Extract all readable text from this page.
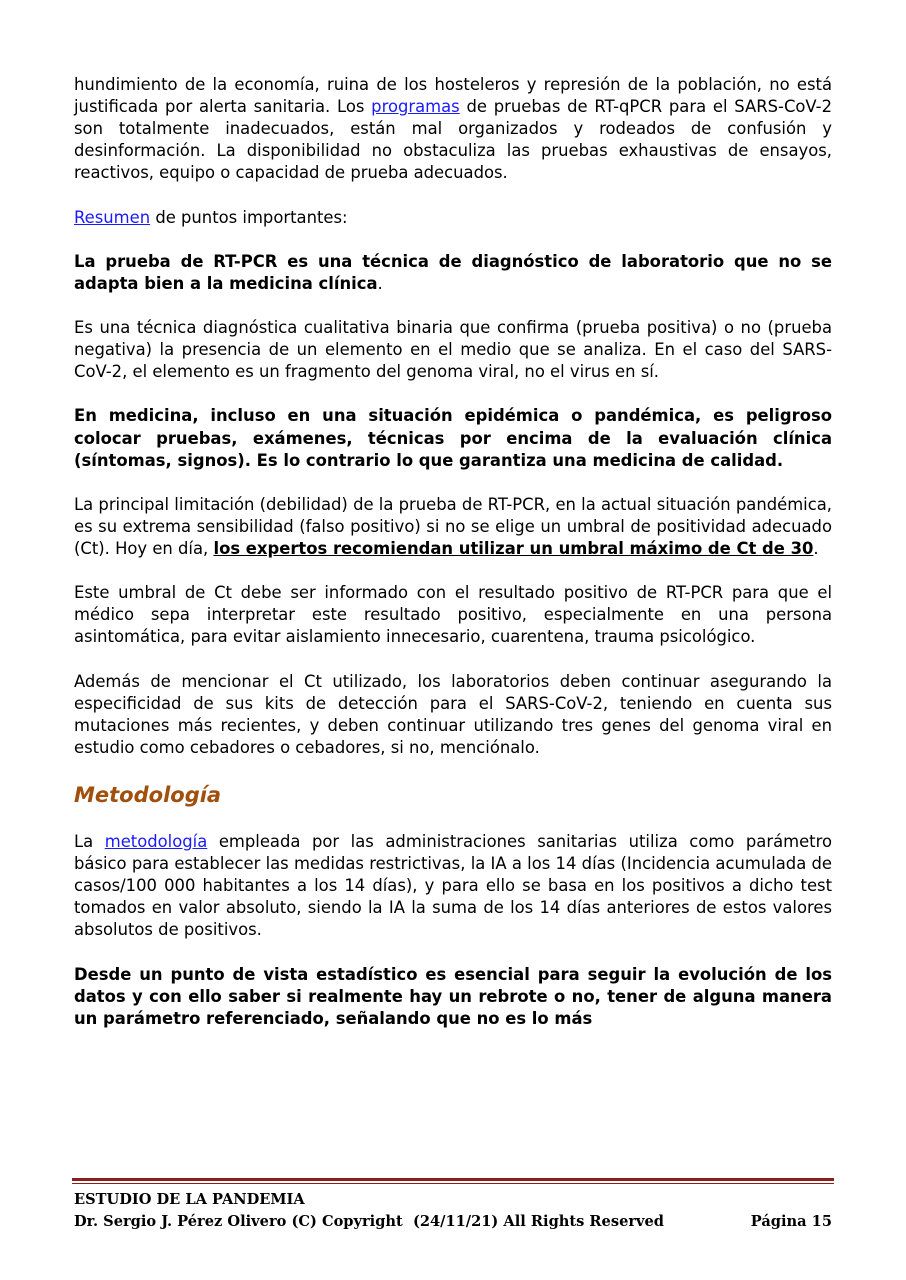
hundimiento de la economía, ruina de los hosteleros y represión de la población, no está justificada por alerta sanitaria. Los programas de pruebas de RT-qPCR para el SARS-CoV-2 son totalmente inadecuados, están mal organizados y rodeados de confusión y desinformación. La disponibilidad no obstaculiza las pruebas exhaustivas de ensayos, reactivos, equipo o capacidad de prueba adecuados.

Resumen de puntos importantes:

La prueba de RT-PCR es una técnica de diagnóstico de laboratorio que no se adapta bien a la medicina clínica.

Es una técnica diagnóstica cualitativa binaria que confirma (prueba positiva) o no (prueba negativa) la presencia de un elemento en el medio que se analiza. En el caso del SARS-CoV-2, el elemento es un fragmento del genoma viral, no el virus en sí.

En medicina, incluso en una situación epidémica o pandémica, es peligroso colocar pruebas, exámenes, técnicas por encima de la evaluación clínica (síntomas, signos). Es lo contrario lo que garantiza una medicina de calidad.

La principal limitación (debilidad) de la prueba de RT-PCR, en la actual situación pandémica, es su extrema sensibilidad (falso positivo) si no se elige un umbral de positividad adecuado (Ct). Hoy en día, los expertos recomiendan utilizar un umbral máximo de Ct de 30.

Este umbral de Ct debe ser informado con el resultado positivo de RT-PCR para que el médico sepa interpretar este resultado positivo, especialmente en una persona asintomática, para evitar aislamiento innecesario, cuarentena, trauma psicológico.

Además de mencionar el Ct utilizado, los laboratorios deben continuar asegurando la especificidad de sus kits de detección para el SARS-CoV-2, teniendo en cuenta sus mutaciones más recientes, y deben continuar utilizando tres genes del genoma viral en estudio como cebadores o cebadores, si no, menciónalo.

Metodología

La metodología empleada por las administraciones sanitarias utiliza como parámetro básico para establecer las medidas restrictivas, la IA a los 14 días (Incidencia acumulada de casos/100 000 habitantes a los 14 días), y para ello se basa en los positivos a dicho test tomados en valor absoluto, siendo la IA la suma de los 14 días anteriores de estos valores absolutos de positivos.

Desde un punto de vista estadístico es esencial para seguir la evolución de los datos y con ello saber si realmente hay un rebrote o no, tener de alguna manera un parámetro referenciado, señalando que no es lo más

ESTUDIO DE LA PANDEMIA
Dr. Sergio J. Pérez Olivero (C) Copyright  (24/11/21) All Rights Reserved	Página 15
